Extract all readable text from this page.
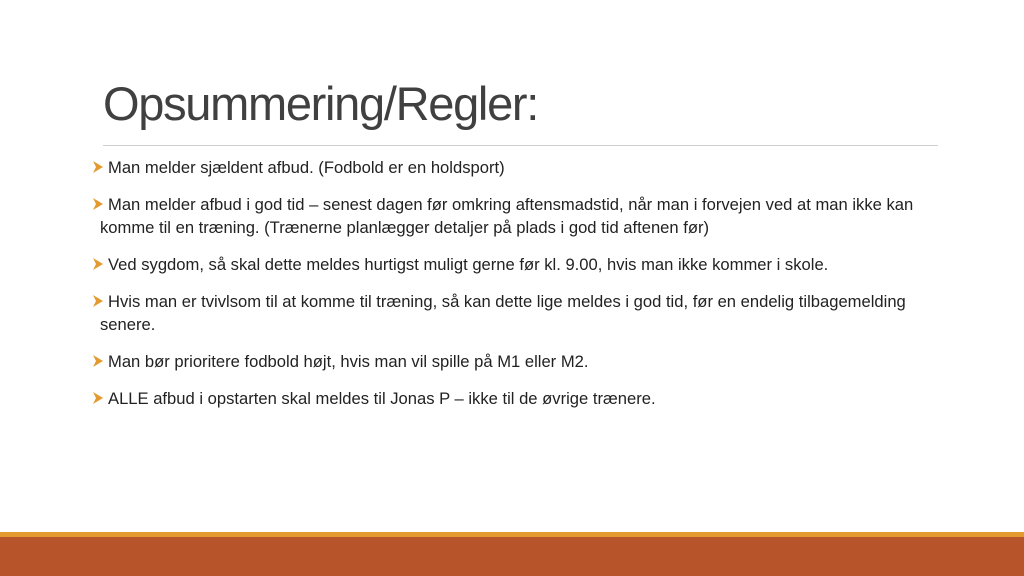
Opsummering/Regler:
Man melder sjældent afbud. (Fodbold er en holdsport)
Man melder afbud i god tid – senest dagen før omkring aftensmadstid, når man i forvejen ved at man ikke kan komme til en træning. (Trænerne planlægger detaljer på plads i god tid aftenen før)
Ved sygdom, så skal dette meldes hurtigst muligt gerne før kl. 9.00, hvis man ikke kommer i skole.
Hvis man er tvivlsom til at komme til træning, så kan dette lige meldes i god tid, før en endelig tilbagemelding senere.
Man bør prioritere fodbold højt, hvis man vil spille på M1 eller M2.
ALLE afbud i opstarten skal meldes til Jonas P – ikke til de øvrige trænere.
